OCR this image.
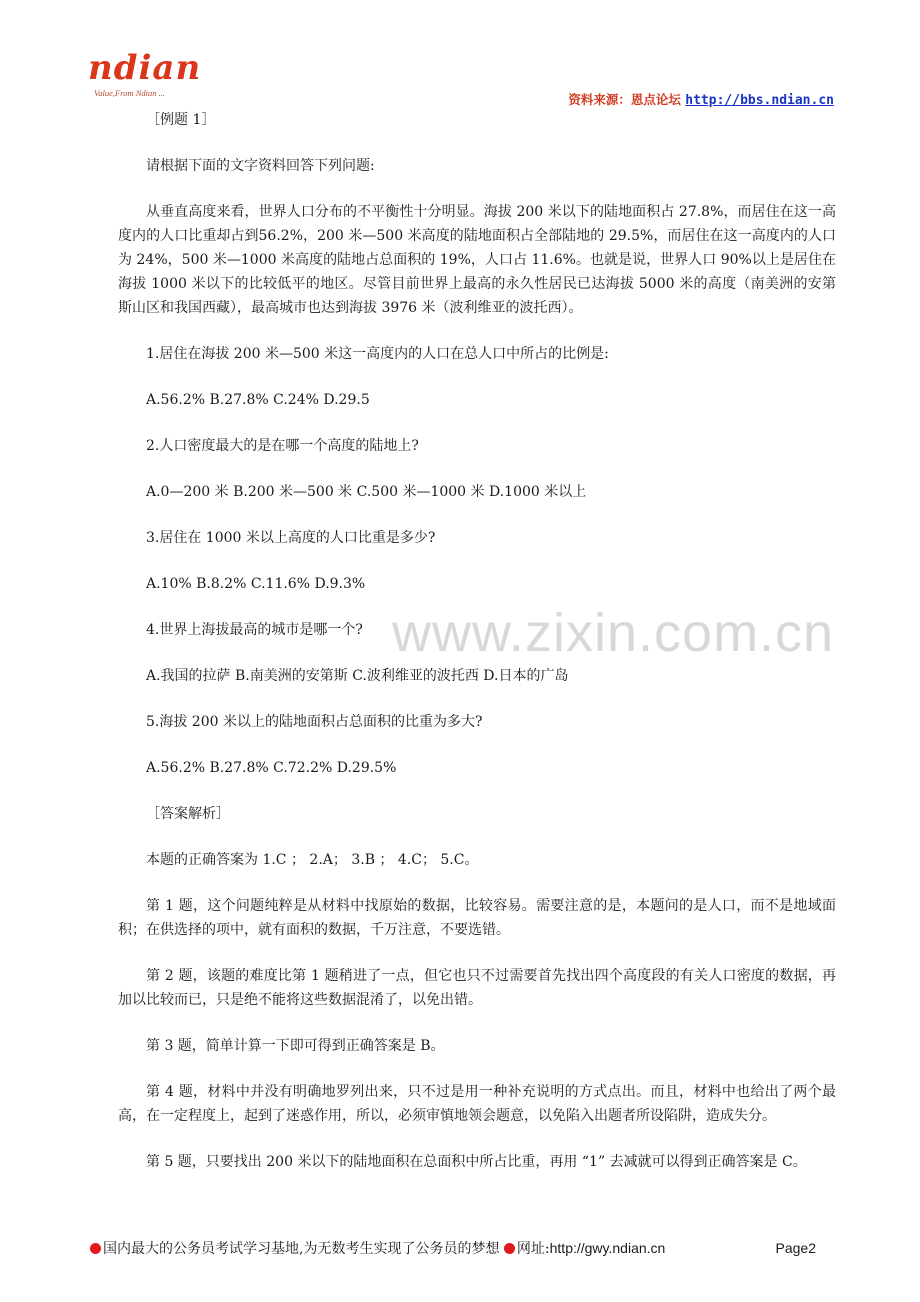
ndian
Value,From Ndian ...	资料来源：恩点论坛 http://bbs.ndian.cn
www.zixin.com.cn

［例题 1］

请根据下面的文字资料回答下列问题:

从垂直高度来看，世界人口分布的不平衡性十分明显。海拔 200 米以下的陆地面积占 27.8%，而居住在这一高度内的人口比重却占到56.2%，200 米—500 米高度的陆地面积占全部陆地的 29.5%，而居住在这一高度内的人口为 24%，500 米—1000 米高度的陆地占总面积的 19%，人口占 11.6%。也就是说，世界人口 90%以上是居住在海拔 1000 米以下的比较低平的地区。尽管目前世界上最高的永久性居民已达海拔 5000 米的高度（南美洲的安第斯山区和我国西藏），最高城市也达到海拔 3976 米（波利维亚的波托西）。

1.居住在海拔 200 米—500 米这一高度内的人口在总人口中所占的比例是:

A.56.2% B.27.8% C.24% D.29.5

2.人口密度最大的是在哪一个高度的陆地上?

A.0—200 米 B.200 米—500 米 C.500 米—1000 米 D.1000 米以上

3.居住在 1000 米以上高度的人口比重是多少?

A.10% B.8.2% C.11.6% D.9.3%

4.世界上海拔最高的城市是哪一个?

A.我国的拉萨 B.南美洲的安第斯 C.波利维亚的波托西 D.日本的广岛

5.海拔 200 米以上的陆地面积占总面积的比重为多大?

A.56.2% B.27.8% C.72.2% D.29.5%

［答案解析］

本题的正确答案为 1.C ； 2.A； 3.B ； 4.C； 5.C。

第 1 题，这个问题纯粹是从材料中找原始的数据，比较容易。需要注意的是，本题问的是人口，而不是地域面积；在供选择的项中，就有面积的数据，千万注意，不要选错。

第 2 题，该题的难度比第 1 题稍进了一点，但它也只不过需要首先找出四个高度段的有关人口密度的数据，再加以比较而已，只是绝不能将这些数据混淆了，以免出错。

第 3 题，简单计算一下即可得到正确答案是 B。

第 4 题，材料中并没有明确地罗列出来，只不过是用一种补充说明的方式点出。而且，材料中也给出了两个最高，在一定程度上，起到了迷惑作用，所以，必须审慎地领会题意，以免陷入出题者所设陷阱，造成失分。

第 5 题，只要找出 200 米以下的陆地面积在总面积中所占比重，再用 “1” 去减就可以得到正确答案是 C。

国内最大的公务员考试学习基地,为无数考生实现了公务员的梦想 网址:http://gwy.ndian.cn	Page2
